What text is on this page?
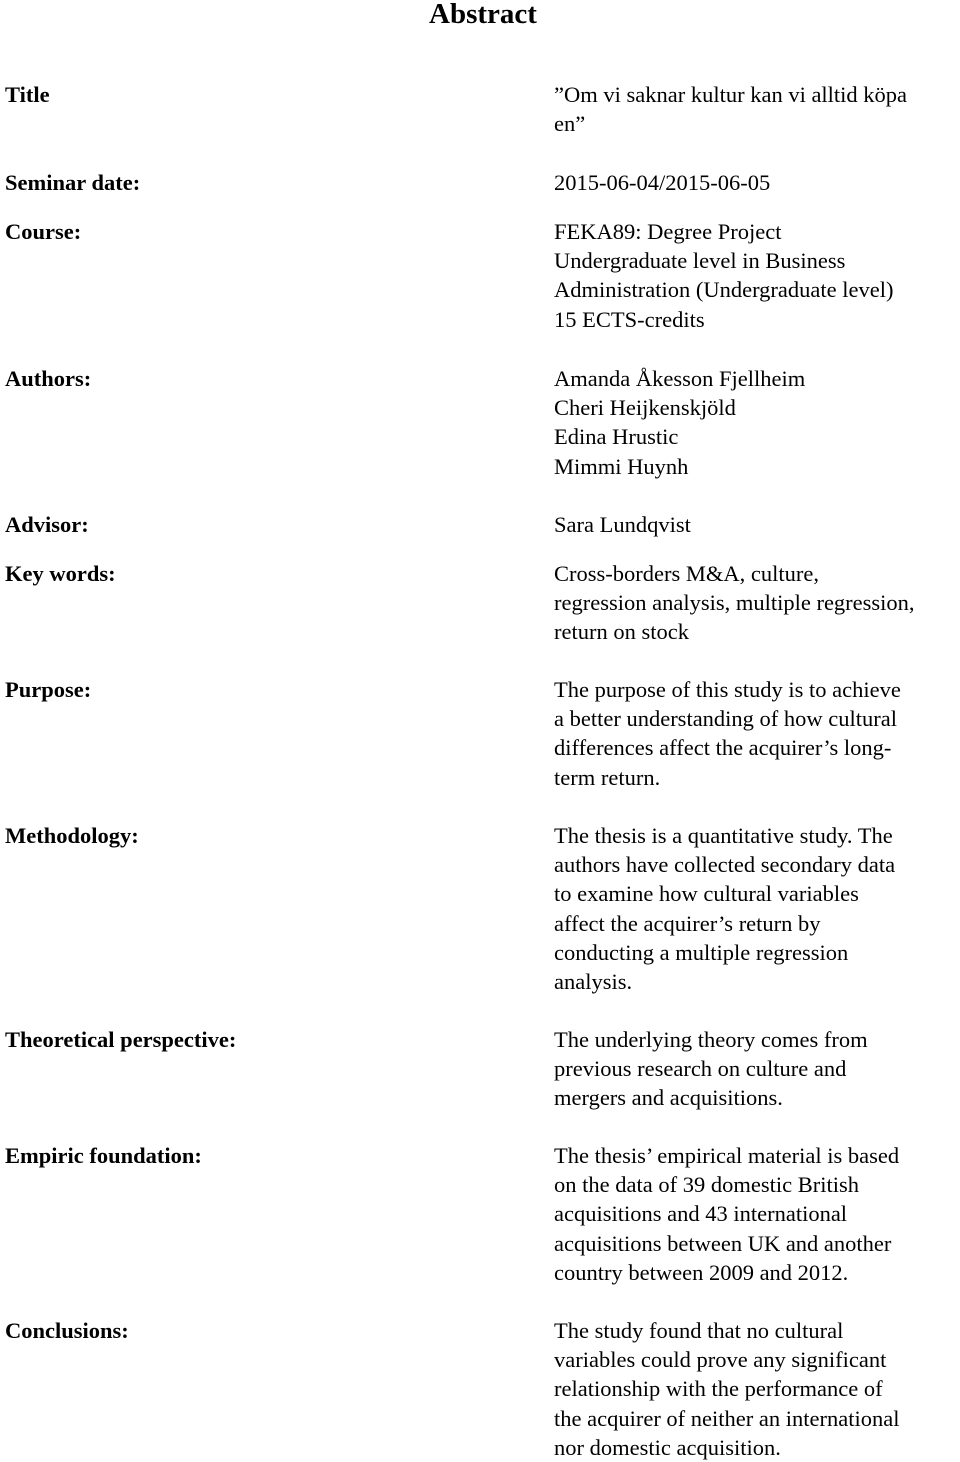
Abstract
Title	”Om vi saknar kultur kan vi alltid köpa
en”
Seminar date:	2015-06-04/2015-06-05
Course:	FEKA89: Degree Project
Undergraduate level in Business
Administration (Undergraduate level)
15 ECTS-credits
Authors:	Amanda Åkesson Fjellheim
Cheri Heijkenskjöld
Edina Hrustic
Mimmi Huynh
Advisor:	Sara Lundqvist
Key words:	Cross-borders M&A, culture,
regression analysis, multiple regression,
return on stock
Purpose:	The purpose of this study is to achieve
a better understanding of how cultural
differences affect the acquirer’s long-
term return.
Methodology:	The thesis is a quantitative study. The
authors have collected secondary data
to examine how cultural variables
affect the acquirer’s return by
conducting a multiple regression
analysis.
Theoretical perspective:	The underlying theory comes from
previous research on culture and
mergers and acquisitions.
Empiric foundation:	The thesis’ empirical material is based
on the data of 39 domestic British
acquisitions and 43 international
acquisitions between UK and another
country between 2009 and 2012.
Conclusions:	The study found that no cultural
variables could prove any significant
relationship with the performance of
the acquirer of neither an international
nor domestic acquisition.
